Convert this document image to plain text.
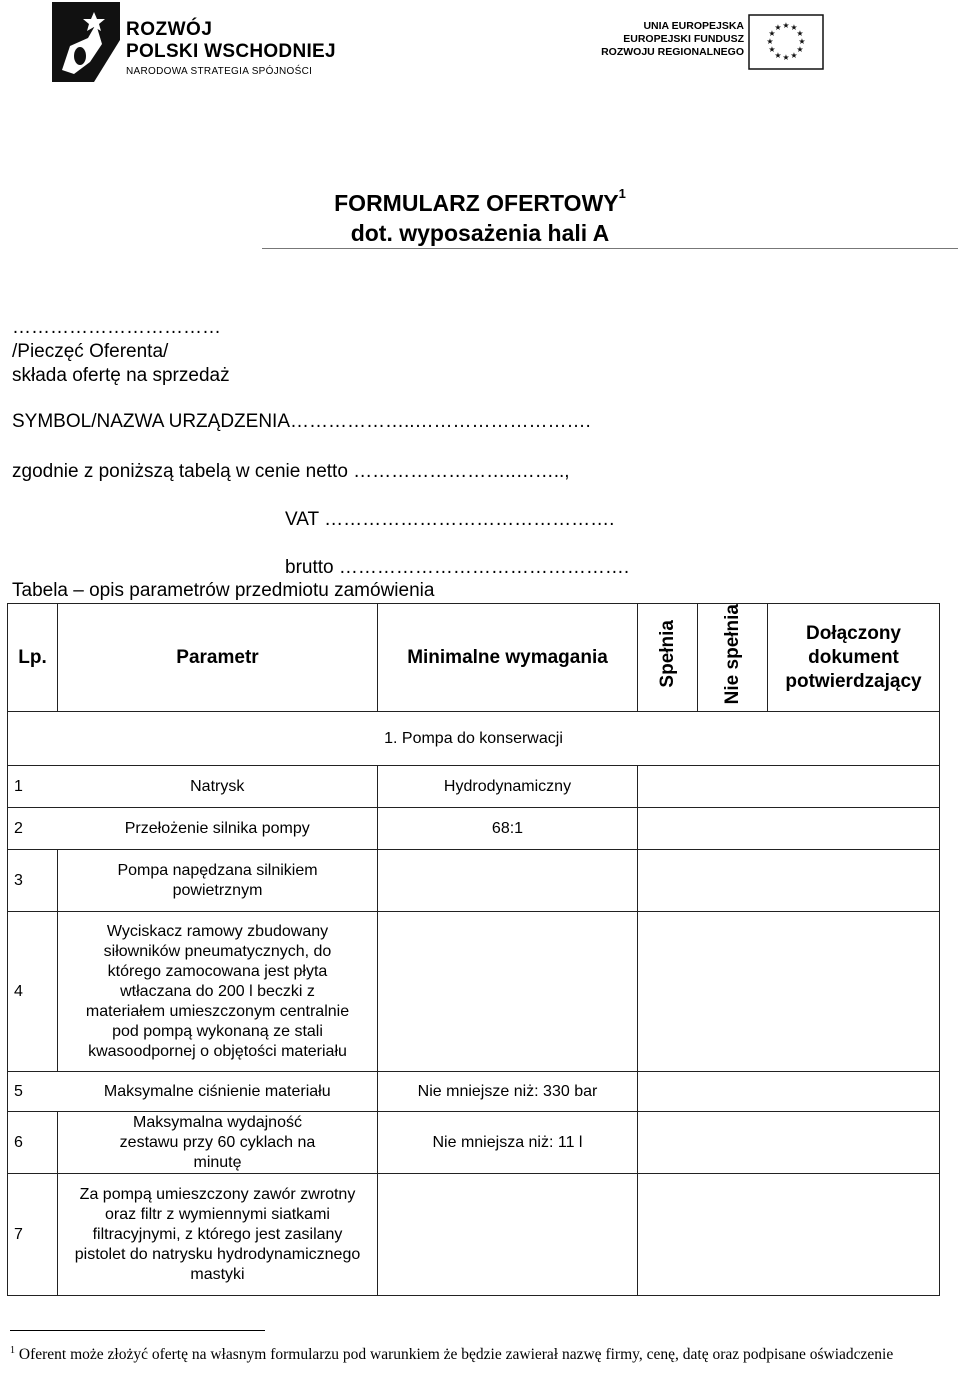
ROZWÓJ
POLSKI WSCHODNIEJ
NARODOWA STRATEGIA SPÓJNOŚCI
UNIA EUROPEJSKA
EUROPEJSKI FUNDUSZ
ROZWOJU REGIONALNEGO
★ ★
★
★
★
★
★
★
★
★
★
★
FORMULARZ OFERTOWY$^1$
dot. wyposażenia hali A
……………………………
/Pieczęć Oferenta/
składa ofertę na sprzedaż
SYMBOL/NAZWA URZĄDZENIA………………..……………………….
zgodnie z poniższą tabelą w cenie netto ……………………..……..,
VAT ……………………………………….
brutto ……………………………………….
Tabela – opis parametrów przedmiotu zamówienia
Lp.	Parametr	Minimalne wymagania	Spełnia	Nie spełnia	Dołączony dokument potwierdzający
1. Pompa do konserwacji					
1	Natrysk	Hydrodynamiczny			
2	Przełożenie silnika pompy	68:1			
3	Pompa napędzana silnikiem powietrznym				
4	Wyciskacz ramowy zbudowany siłowników pneumatycznych, do którego zamocowana jest płyta wtłaczana do 200 l beczki z materiałem umieszczonym centralnie pod pompą wykonaną ze stali kwasoodpornej o objętości materiału				
5	Maksymalne ciśnienie materiału	Nie mniejsze niż: 330 bar			
6	Maksymalna wydajność zestawu przy 60 cyklach na minutę	Nie mniejsza niż: 11 l			
7	Za pompą umieszczony zawór zwrotny oraz filtr z wymiennymi siatkami filtracyjnymi, z którego jest zasilany pistolet do natrysku hydrodynamicznego mastyki				
$^1$ Oferent może złożyć ofertę na własnym formularzu pod warunkiem że będzie zawierał nazwę firmy, cenę, datę oraz podpisane oświadczenie
